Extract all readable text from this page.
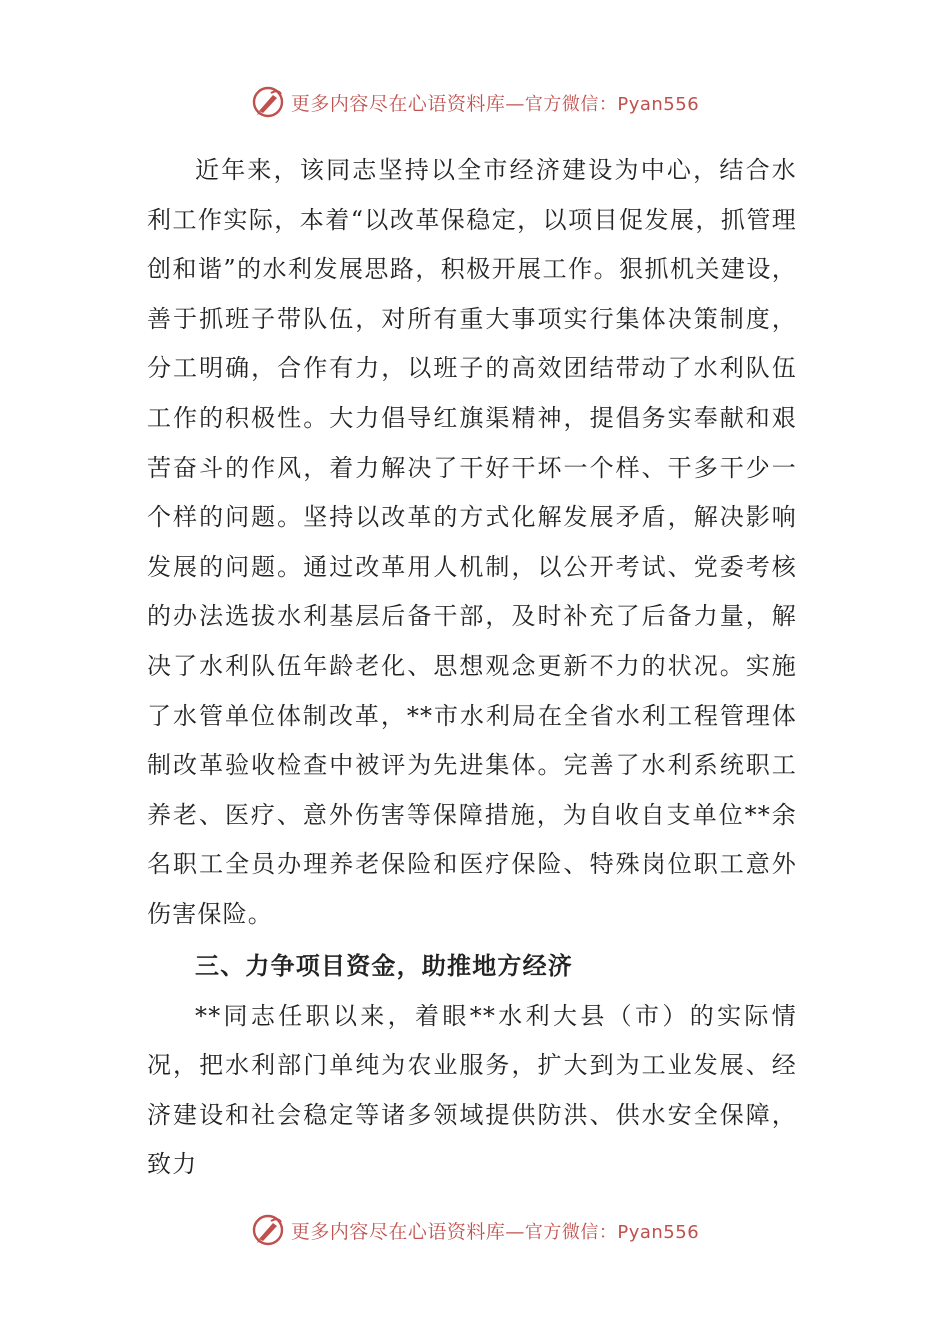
更多内容尽在心语资料库—官方微信：Pyan556

近年来，该同志坚持以全市经济建设为中心，结合水利工作实际，本着“以改革保稳定，以项目促发展，抓管理创和谐”的水利发展思路，积极开展工作。狠抓机关建设，善于抓班子带队伍，对所有重大事项实行集体决策制度，分工明确，合作有力，以班子的高效团结带动了水利队伍工作的积极性。大力倡导红旗渠精神，提倡务实奉献和艰苦奋斗的作风，着力解决了干好干坏一个样、干多干少一个样的问题。坚持以改革的方式化解发展矛盾，解决影响发展的问题。通过改革用人机制，以公开考试、党委考核的办法选拔水利基层后备干部，及时补充了后备力量，解决了水利队伍年龄老化、思想观念更新不力的状况。实施了水管单位体制改革，**市水利局在全省水利工程管理体制改革验收检查中被评为先进集体。完善了水利系统职工养老、医疗、意外伤害等保障措施，为自收自支单位**余名职工全员办理养老保险和医疗保险、特殊岗位职工意外伤害保险。

三、力争项目资金，助推地方经济

**同志任职以来，着眼**水利大县（市）的实际情况，把水利部门单纯为农业服务，扩大到为工业发展、经济建设和社会稳定等诸多领域提供防洪、供水安全保障，致力

更多内容尽在心语资料库—官方微信：Pyan556
